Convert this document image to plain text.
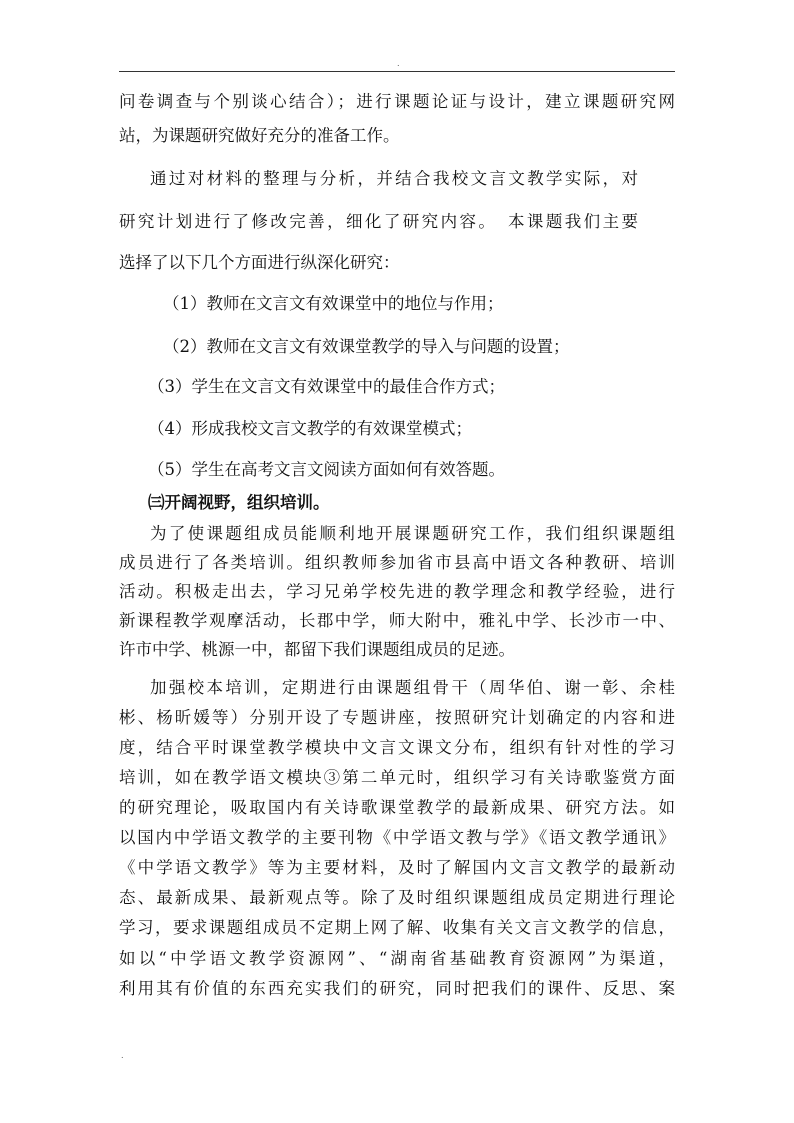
.
问卷调查与个别谈心结合）；进行课题论证与设计，建立课题研究网
站，为课题研究做好充分的准备工作。
通过对材料的整理与分析，并结合我校文言文教学实际，对
研究计划进行了修改完善，细化了研究内容。　本课题我们主要
选择了以下几个方面进行纵深化研究：
（1）教师在文言文有效课堂中的地位与作用；
（2）教师在文言文有效课堂教学的导入与问题的设置；
（3）学生在文言文有效课堂中的最佳合作方式；
（4）形成我校文言文教学的有效课堂模式；
（5）学生在高考文言文阅读方面如何有效答题。
㈢开阔视野，组织培训。
为了使课题组成员能顺利地开展课题研究工作，我们组织课题组
成员进行了各类培训。组织教师参加省市县高中语文各种教研、培训
活动。积极走出去，学习兄弟学校先进的教学理念和教学经验，进行
新课程教学观摩活动，长郡中学，师大附中，雅礼中学、长沙市一中、
许市中学、桃源一中，都留下我们课题组成员的足迹。
加强校本培训，定期进行由课题组骨干（周华伯、谢一彰、余桂
彬、杨昕媛等）分别开设了专题讲座，按照研究计划确定的内容和进
度，结合平时课堂教学模块中文言文课文分布，组织有针对性的学习
培训，如在教学语文模块③第二单元时，组织学习有关诗歌鉴赏方面
的研究理论，吸取国内有关诗歌课堂教学的最新成果、研究方法。如
以国内中学语文教学的主要刊物《中学语文教与学》《语文教学通讯》
《中学语文教学》等为主要材料，及时了解国内文言文教学的最新动
态、最新成果、最新观点等。除了及时组织课题组成员定期进行理论
学习，要求课题组成员不定期上网了解、收集有关文言文教学的信息，
如以“中学语文教学资源网”、“湖南省基础教育资源网”为渠道，
利用其有价值的东西充实我们的研究，同时把我们的课件、反思、案
.
